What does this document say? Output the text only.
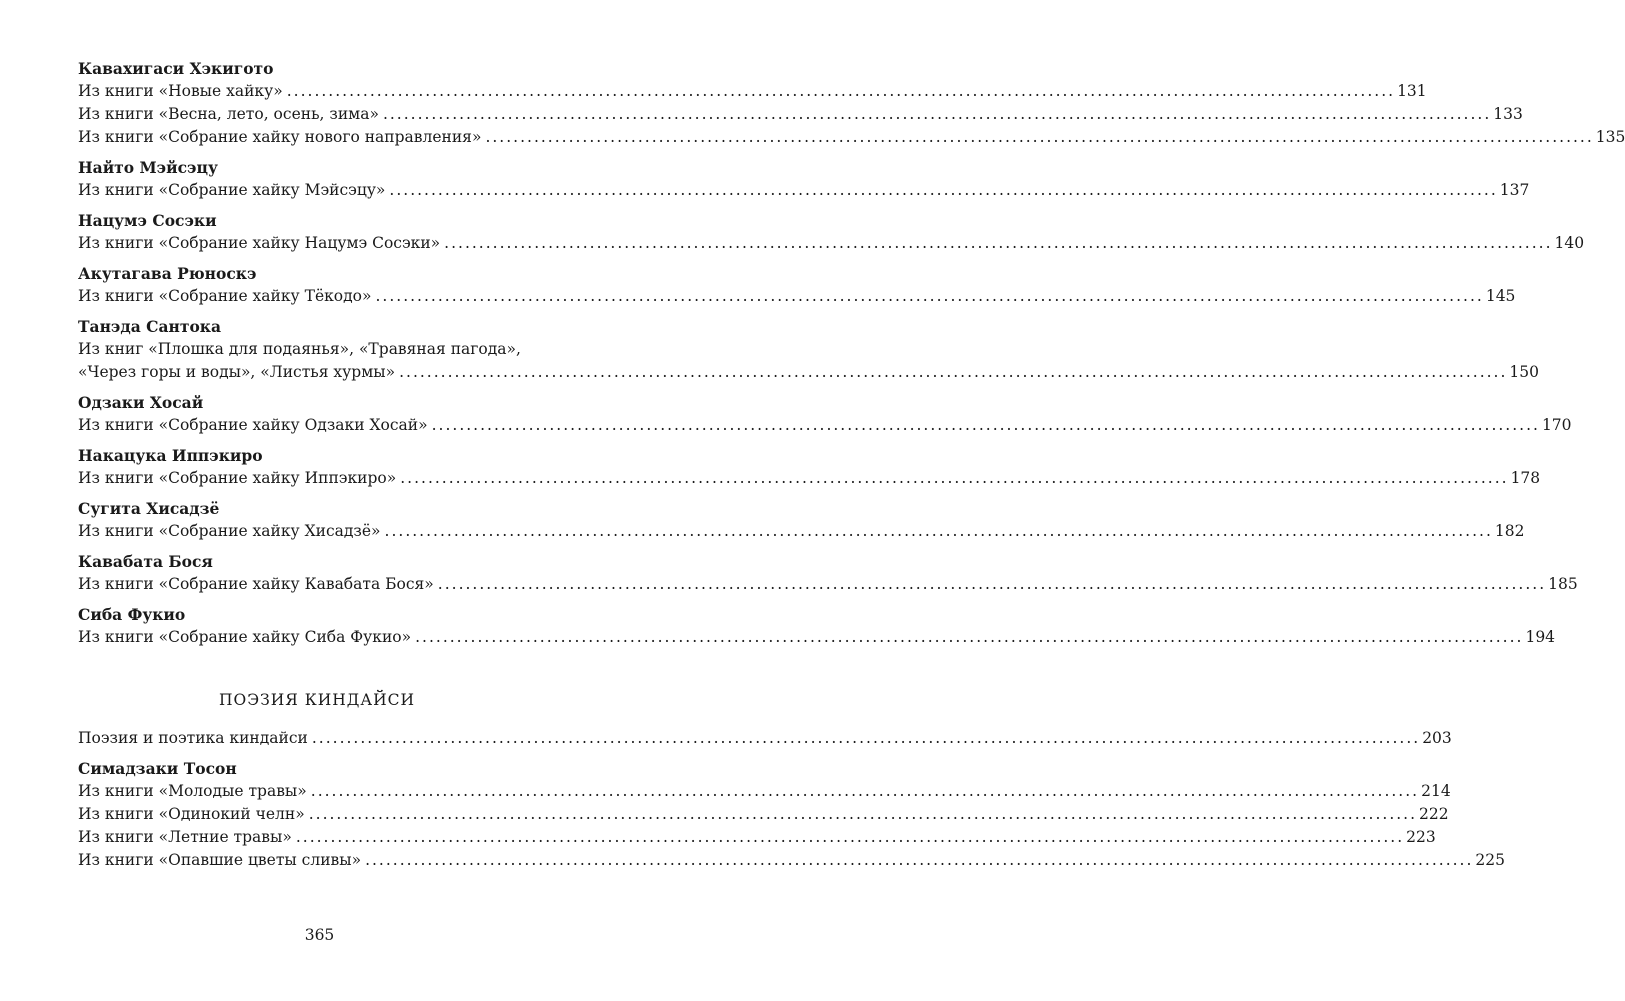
Кавахигаси Хэкигото
Из книги «Новые хайку» .....	131
Из книги «Весна, лето, осень, зима» .....	133
Из книги «Собрание хайку нового направления» .....	135
Найто Мэйсэцу
Из книги «Собрание хайку Мэйсэцу» .....	137
Нацумэ Сосэки
Из книги «Собрание хайку Нацумэ Сосэки» .....	140
Акутагава Рюноскэ
Из книги «Собрание хайку Тёкодо» .....	145
Танэда Сантока
Из книг «Плошка для подаянья», «Травяная пагода»,
«Через горы и воды», «Листья хурмы» .....	150
Одзаки Хосай
Из книги «Собрание хайку Одзаки Хосай» .....	170
Накацука Иппэкиро
Из книги «Собрание хайку Иппэкиро» .....	178
Сугита Хисадзё
Из книги «Собрание хайку Хисадзё» .....	182
Кавабата Бося
Из книги «Собрание хайку Кавабата Бося» .....	185
Сиба Фукио
Из книги «Собрание хайку Сиба Фукио» .....	194
ПОЭЗИЯ КИНДАЙСИ
Поэзия и поэтика киндайси .....	203
Симадзаки Тосон
Из книги «Молодые травы» .....	214
Из книги «Одинокий челн» .....	222
Из книги «Летние травы» .....	223
Из книги «Опавшие цветы сливы» .....	225
365
